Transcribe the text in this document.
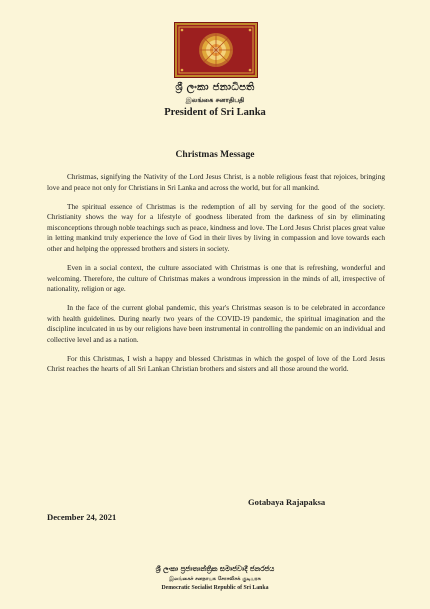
ශ්‍රී ලංකා ජනාධිපති
இலங்கை சனாதிபதி
President of Sri Lanka
Christmas Message

Christmas, signifying the Nativity of the Lord Jesus Christ, is a noble religious feast that rejoices, bringing love and peace not only for Christians in Sri Lanka and across the world, but for all mankind.

The spiritual essence of Christmas is the redemption of all by serving for the good of the society. Christianity shows the way for a lifestyle of goodness liberated from the darkness of sin by eliminating misconceptions through noble teachings such as peace, kindness and love. The Lord Jesus Christ places great value in letting mankind truly experience the love of God in their lives by living in compassion and love towards each other and helping the oppressed brothers and sisters in society.

Even in a social context, the culture associated with Christmas is one that is refreshing, wonderful and welcoming. Therefore, the culture of Christmas makes a wondrous impression in the minds of all, irrespective of nationality, religion or age.

In the face of the current global pandemic, this year's Christmas season is to be celebrated in accordance with health guidelines. During nearly two years of the COVID-19 pandemic, the spiritual imagination and the discipline inculcated in us by our religions have been instrumental in controlling the pandemic on an individual and collective level and as a nation.

For this Christmas, I wish a happy and blessed Christmas in which the gospel of love of the Lord Jesus Christ reaches the hearts of all Sri Lankan Christian brothers and sisters and all those around the world.

Gotabaya Rajapaksa
December 24, 2021
ශ්‍රී ලංකා ප්‍රජාතාන්ත්‍රික සමාජවාදී ජනරජය
இலங்கைச் சனநாயக சோசலிசக் குடியரசு
Democratic Socialist Republic of Sri Lanka
